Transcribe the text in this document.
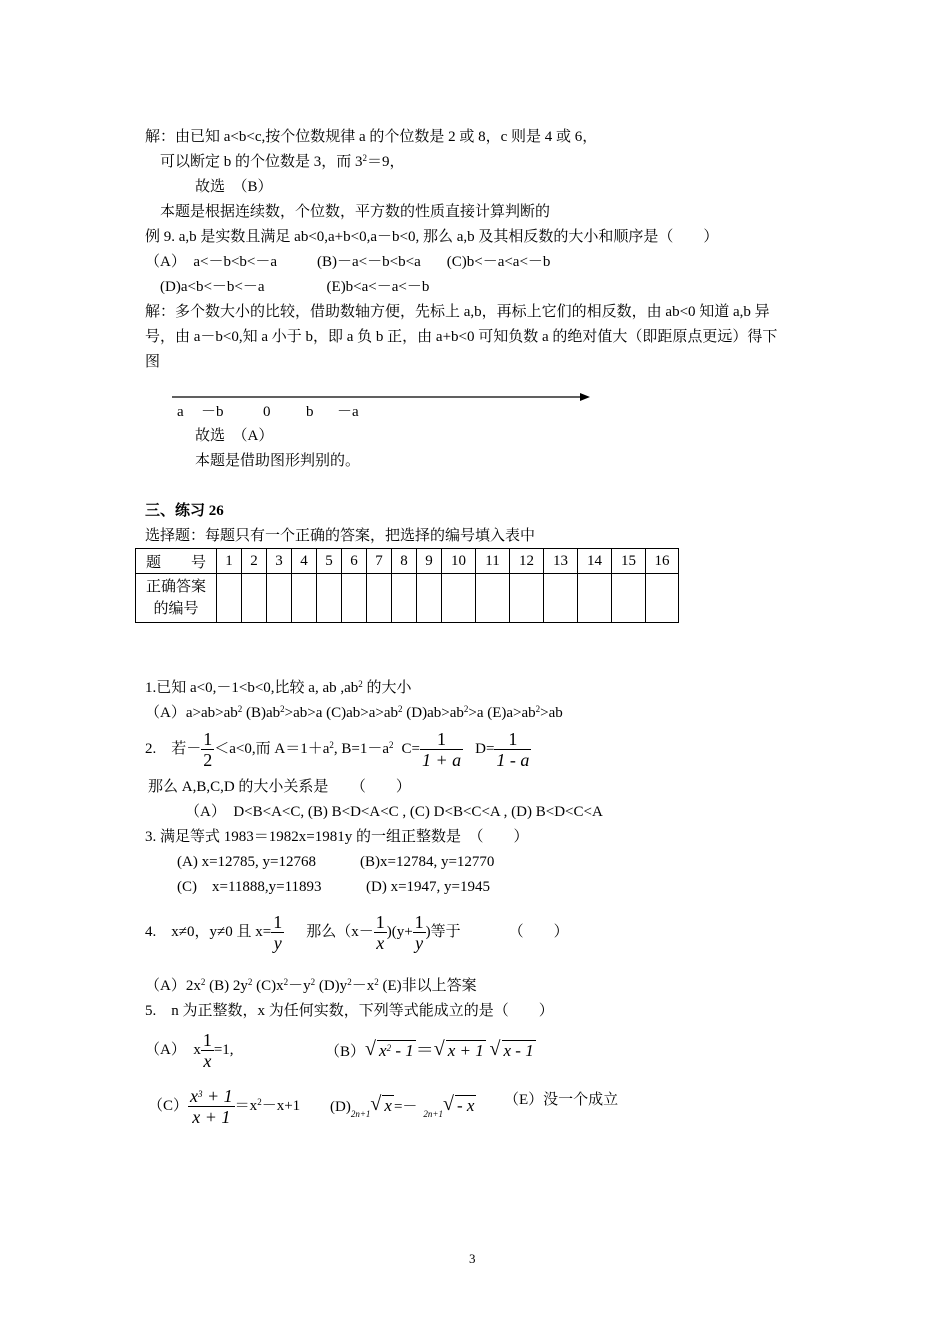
解：由已知 a<b<c,按个位数规律 a 的个位数是 2 或 8，c 则是 4 或 6，
可以断定 b 的个位数是 3，而 $3^2=9$，
故选　（B）
本题是根据连续数，个位数，平方数的性质直接计算判断的
例 9. a,b 是实数且满足 ab<0,a+b<0,a－b<0, 那么 a,b 及其相反数的大小和顺序是（　　）
（A）　a<－b<b<－a	(B)－a<－b<b<a (C)b<－a<a<－b
(D)a<b<－b<－a	(E)b<a<－a<－b
解：多个数大小的比较，借助数轴方便，先标上 a,b，再标上它们的相反数，由 ab<0 知道 a,b 异
号，由 a－b<0,知 a 小于 b，即 a 负 b 正，由 a+b<0 可知负数 a 的绝对值大（即距原点更远）得下
图
a －b	0 b －a
故选　（A）
本题是借助图形判别的。
三、练习 26
选择题：每题只有一个正确的答案，把选择的编号填入表中
题　　号	1	2	3	4	5	6	7	8	9	10	11	12	13	14	15	16
正确答案
的编号																
1.已知 a<0,－1<b<0,比较 a, ab $,ab^2$ 的大小
$(A)a>ab>ab^2$ $(B)ab^2>ab>a$ $(C)ab>a>ab^2$ $(D)ab>ab^2>a$ $(E)a>ab^2>ab$
2.　若－ $\frac{1}{2} <a<0$,而 $A=1+a^2$, $B=1-a^2$ $C= \frac{1}{1 + a} D= \frac{1}{1 - a}$
那么 A,B,C,D 的大小关系是　　（　　）
（A）　D<B<A<C, (B) B<D<A<C , (C) D<B<C<A , (D) B<D<C<A
3. 满足等式 1983＝1982x=1981y 的一组正整数是　（　　）
(A) x=12785, y=12768	(B)x=12784, y=12770
(C)　x=11888,y=11893	(D) x=1947, y=1945
4.　x≠0，y≠0 且 $x= \frac{1}{y}$ 那么$(x- \frac{1}{x} )(y+ \frac{1}{y}$ )等于	（　　）
$(A)2x^2$ (B) $2y^2$ $(C)x^2-y^2$ $(D)y^2-x^2$ (E)非以上答案
5.　n 为正整数，x 为任何实数，下列等式能成立的是（　　）
（A）　x $\frac{1}{x} =1$,	（B） √ $x^2 - 1$ ＝ √ x + 1 √ x - 1
$(C) \frac{x^3 + 1}{x + 1} =x^2-x+1$ $(D)_{2n+1}$ √ x =－ $_{2n+1}$ √ - x （E）没一个成立
3
